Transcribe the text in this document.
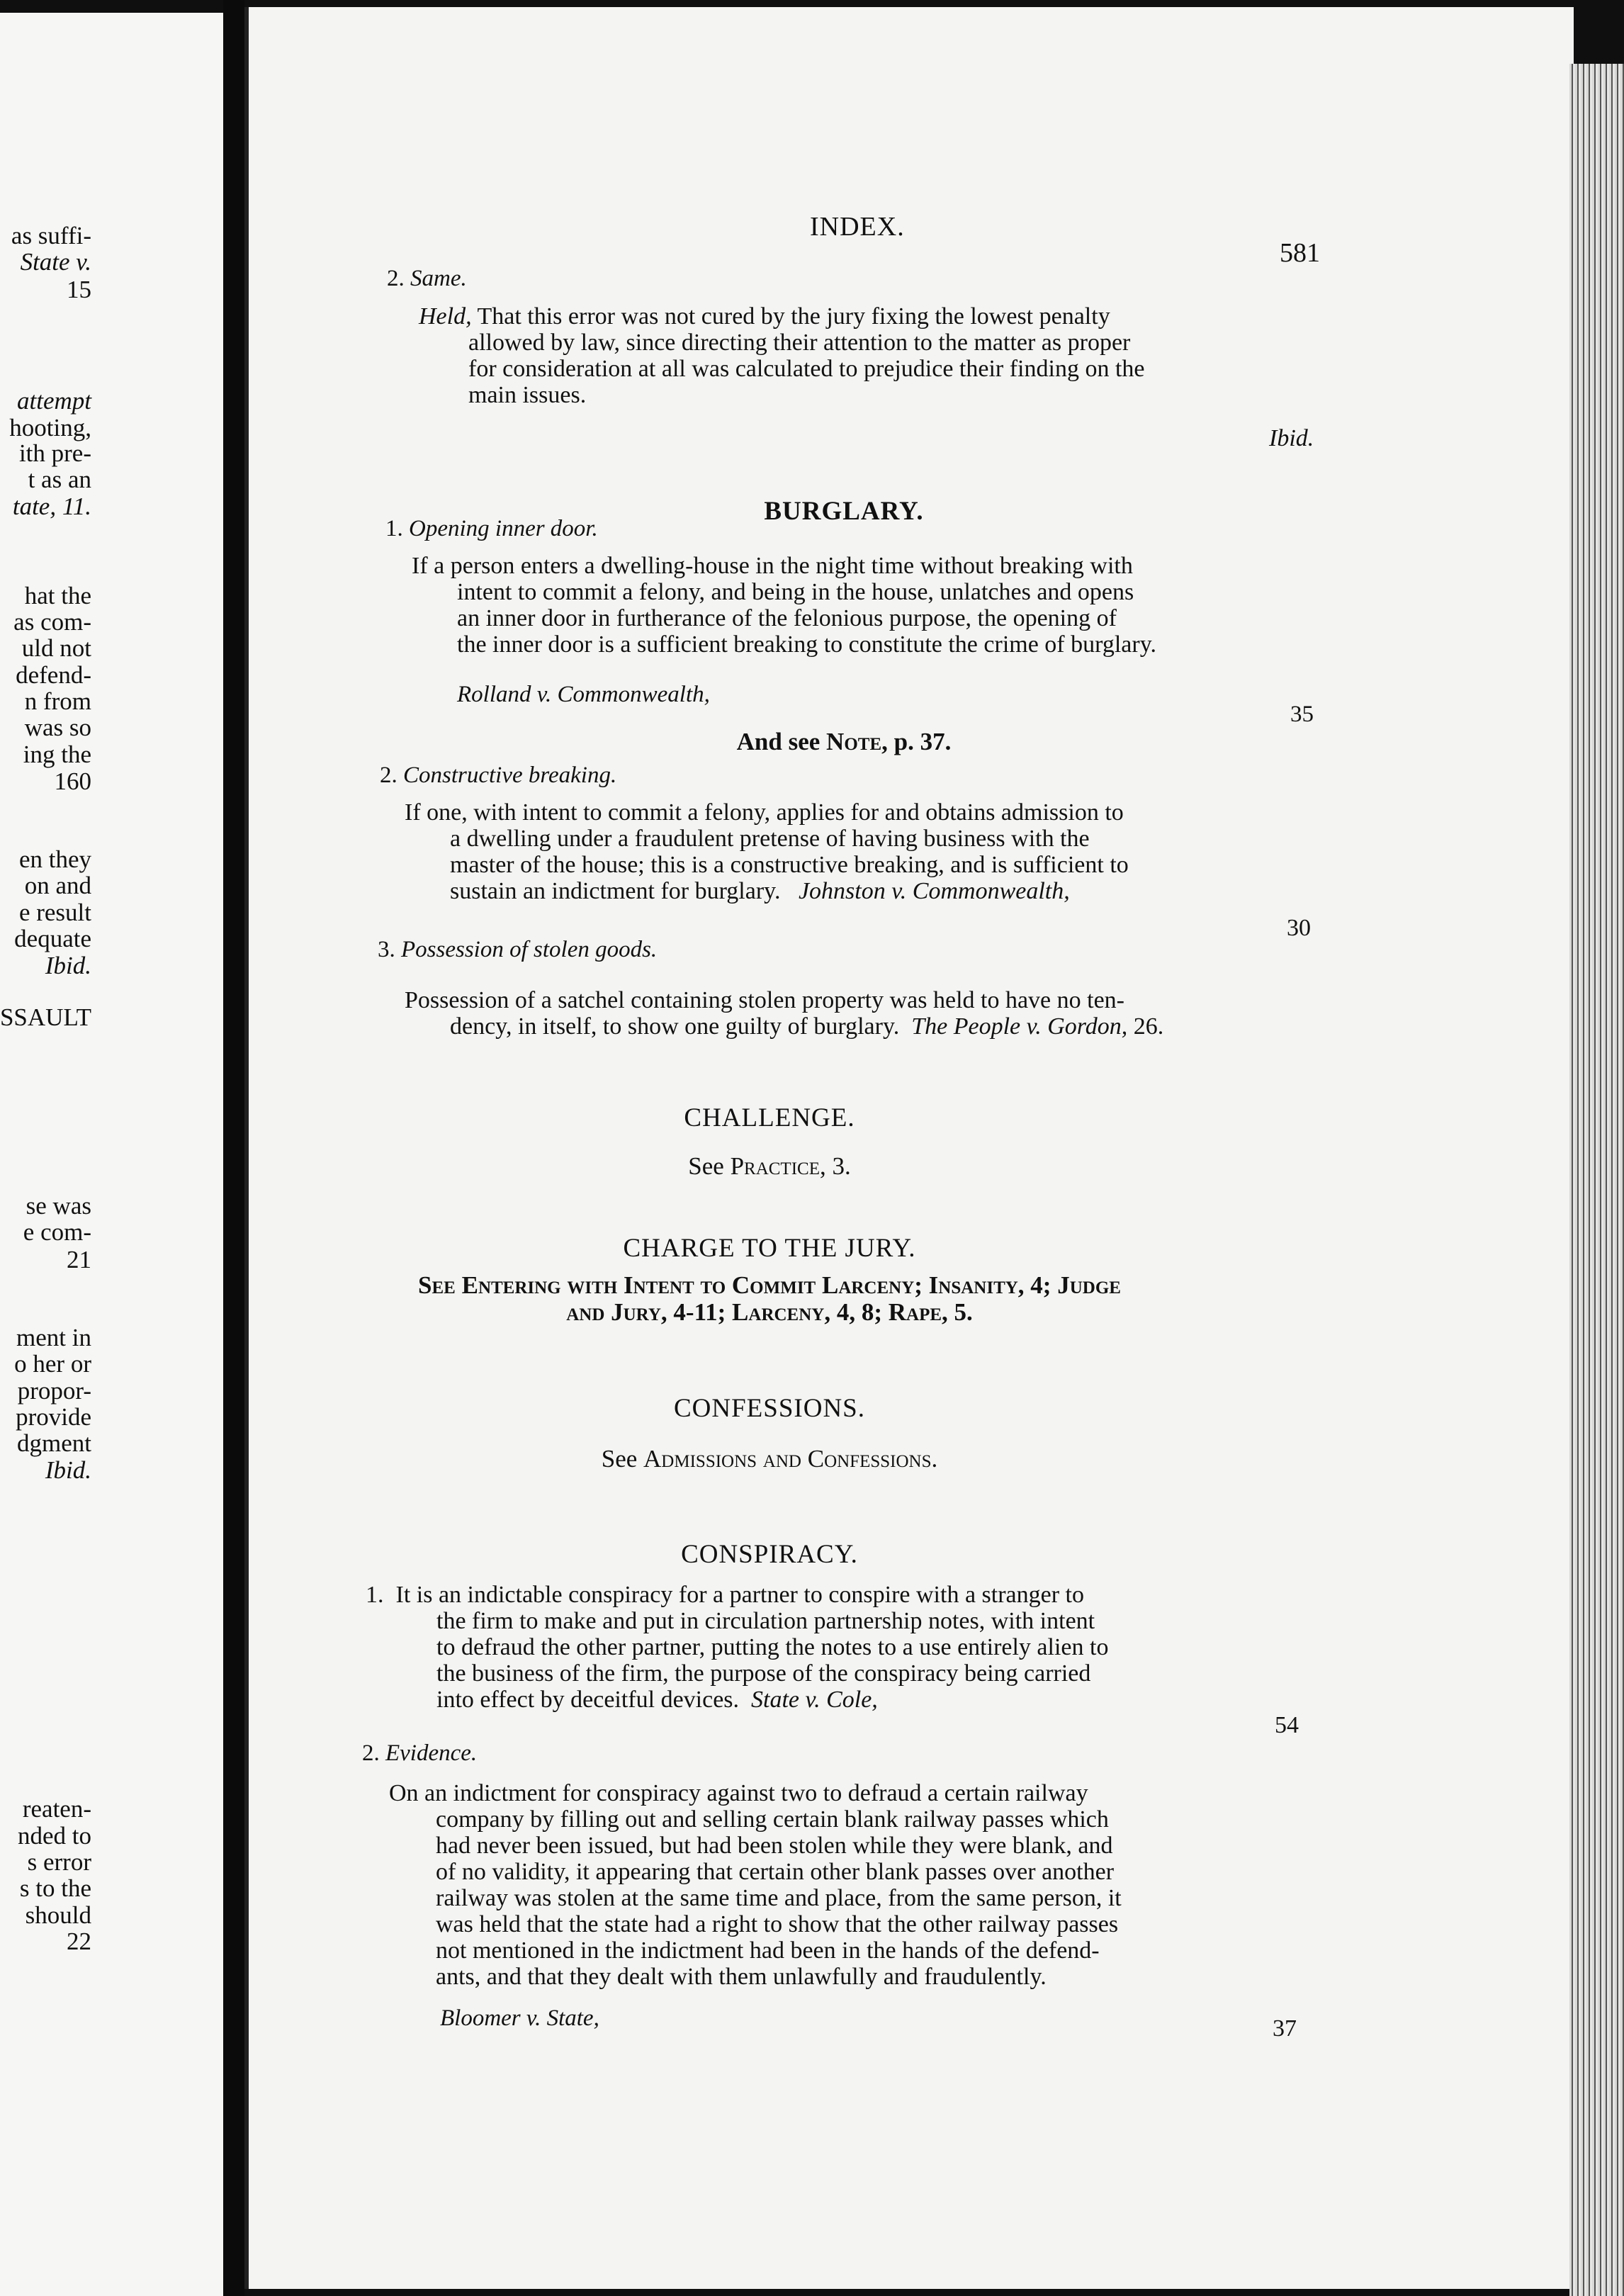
as suffi-
State v.
15
attempt
hooting,
ith pre-
t as an
tate, 11.
hat the
as com-
uld not
defend-
n from
was so
ing the
160
en they
on and
e result
dequate
Ibid.
SSAULT
se was
e com-
21
ment in
o her or
propor-
provide
dgment
Ibid.
reaten-
nded to
s error
s to the
should
22
INDEX.
581
2. Same.
Held, That this error was not cured by the jury fixing the lowest penalty
allowed by law, since directing their attention to the matter as proper
for consideration at all was calculated to prejudice their finding on the
main issues.
Ibid.
BURGLARY.
1. Opening inner door.
If a person enters a dwelling-house in the night time without breaking with
intent to commit a felony, and being in the house, unlatches and opens
an inner door in furtherance of the felonious purpose, the opening of
the inner door is a sufficient breaking to constitute the crime of burglary.
Rolland v. Commonwealth,
35
And see Note, p. 37.
2. Constructive breaking.
If one, with intent to commit a felony, applies for and obtains admission to
a dwelling under a fraudulent pretense of having business with the
master of the house; this is a constructive breaking, and is sufficient to
sustain an indictment for burglary. Johnston v. Commonwealth,
30
3. Possession of stolen goods.
Possession of a satchel containing stolen property was held to have no ten-
dency, in itself, to show one guilty of burglary. The People v. Gordon, 26.
CHALLENGE.
See Practice, 3.
CHARGE TO THE JURY.
See Entering with Intent to Commit Larceny; Insanity, 4; Judge
and Jury, 4-11; Larceny, 4, 8; Rape, 5.
CONFESSIONS.
See Admissions and Confessions.
CONSPIRACY.
1. It is an indictable conspiracy for a partner to conspire with a stranger to
the firm to make and put in circulation partnership notes, with intent
to defraud the other partner, putting the notes to a use entirely alien to
the business of the firm, the purpose of the conspiracy being carried
into effect by deceitful devices. State v. Cole,
54
2. Evidence.
On an indictment for conspiracy against two to defraud a certain railway
company by filling out and selling certain blank railway passes which
had never been issued, but had been stolen while they were blank, and
of no validity, it appearing that certain other blank passes over another
railway was stolen at the same time and place, from the same person, it
was held that the state had a right to show that the other railway passes
not mentioned in the indictment had been in the hands of the defend-
ants, and that they dealt with them unlawfully and fraudulently.
Bloomer v. State,	37
